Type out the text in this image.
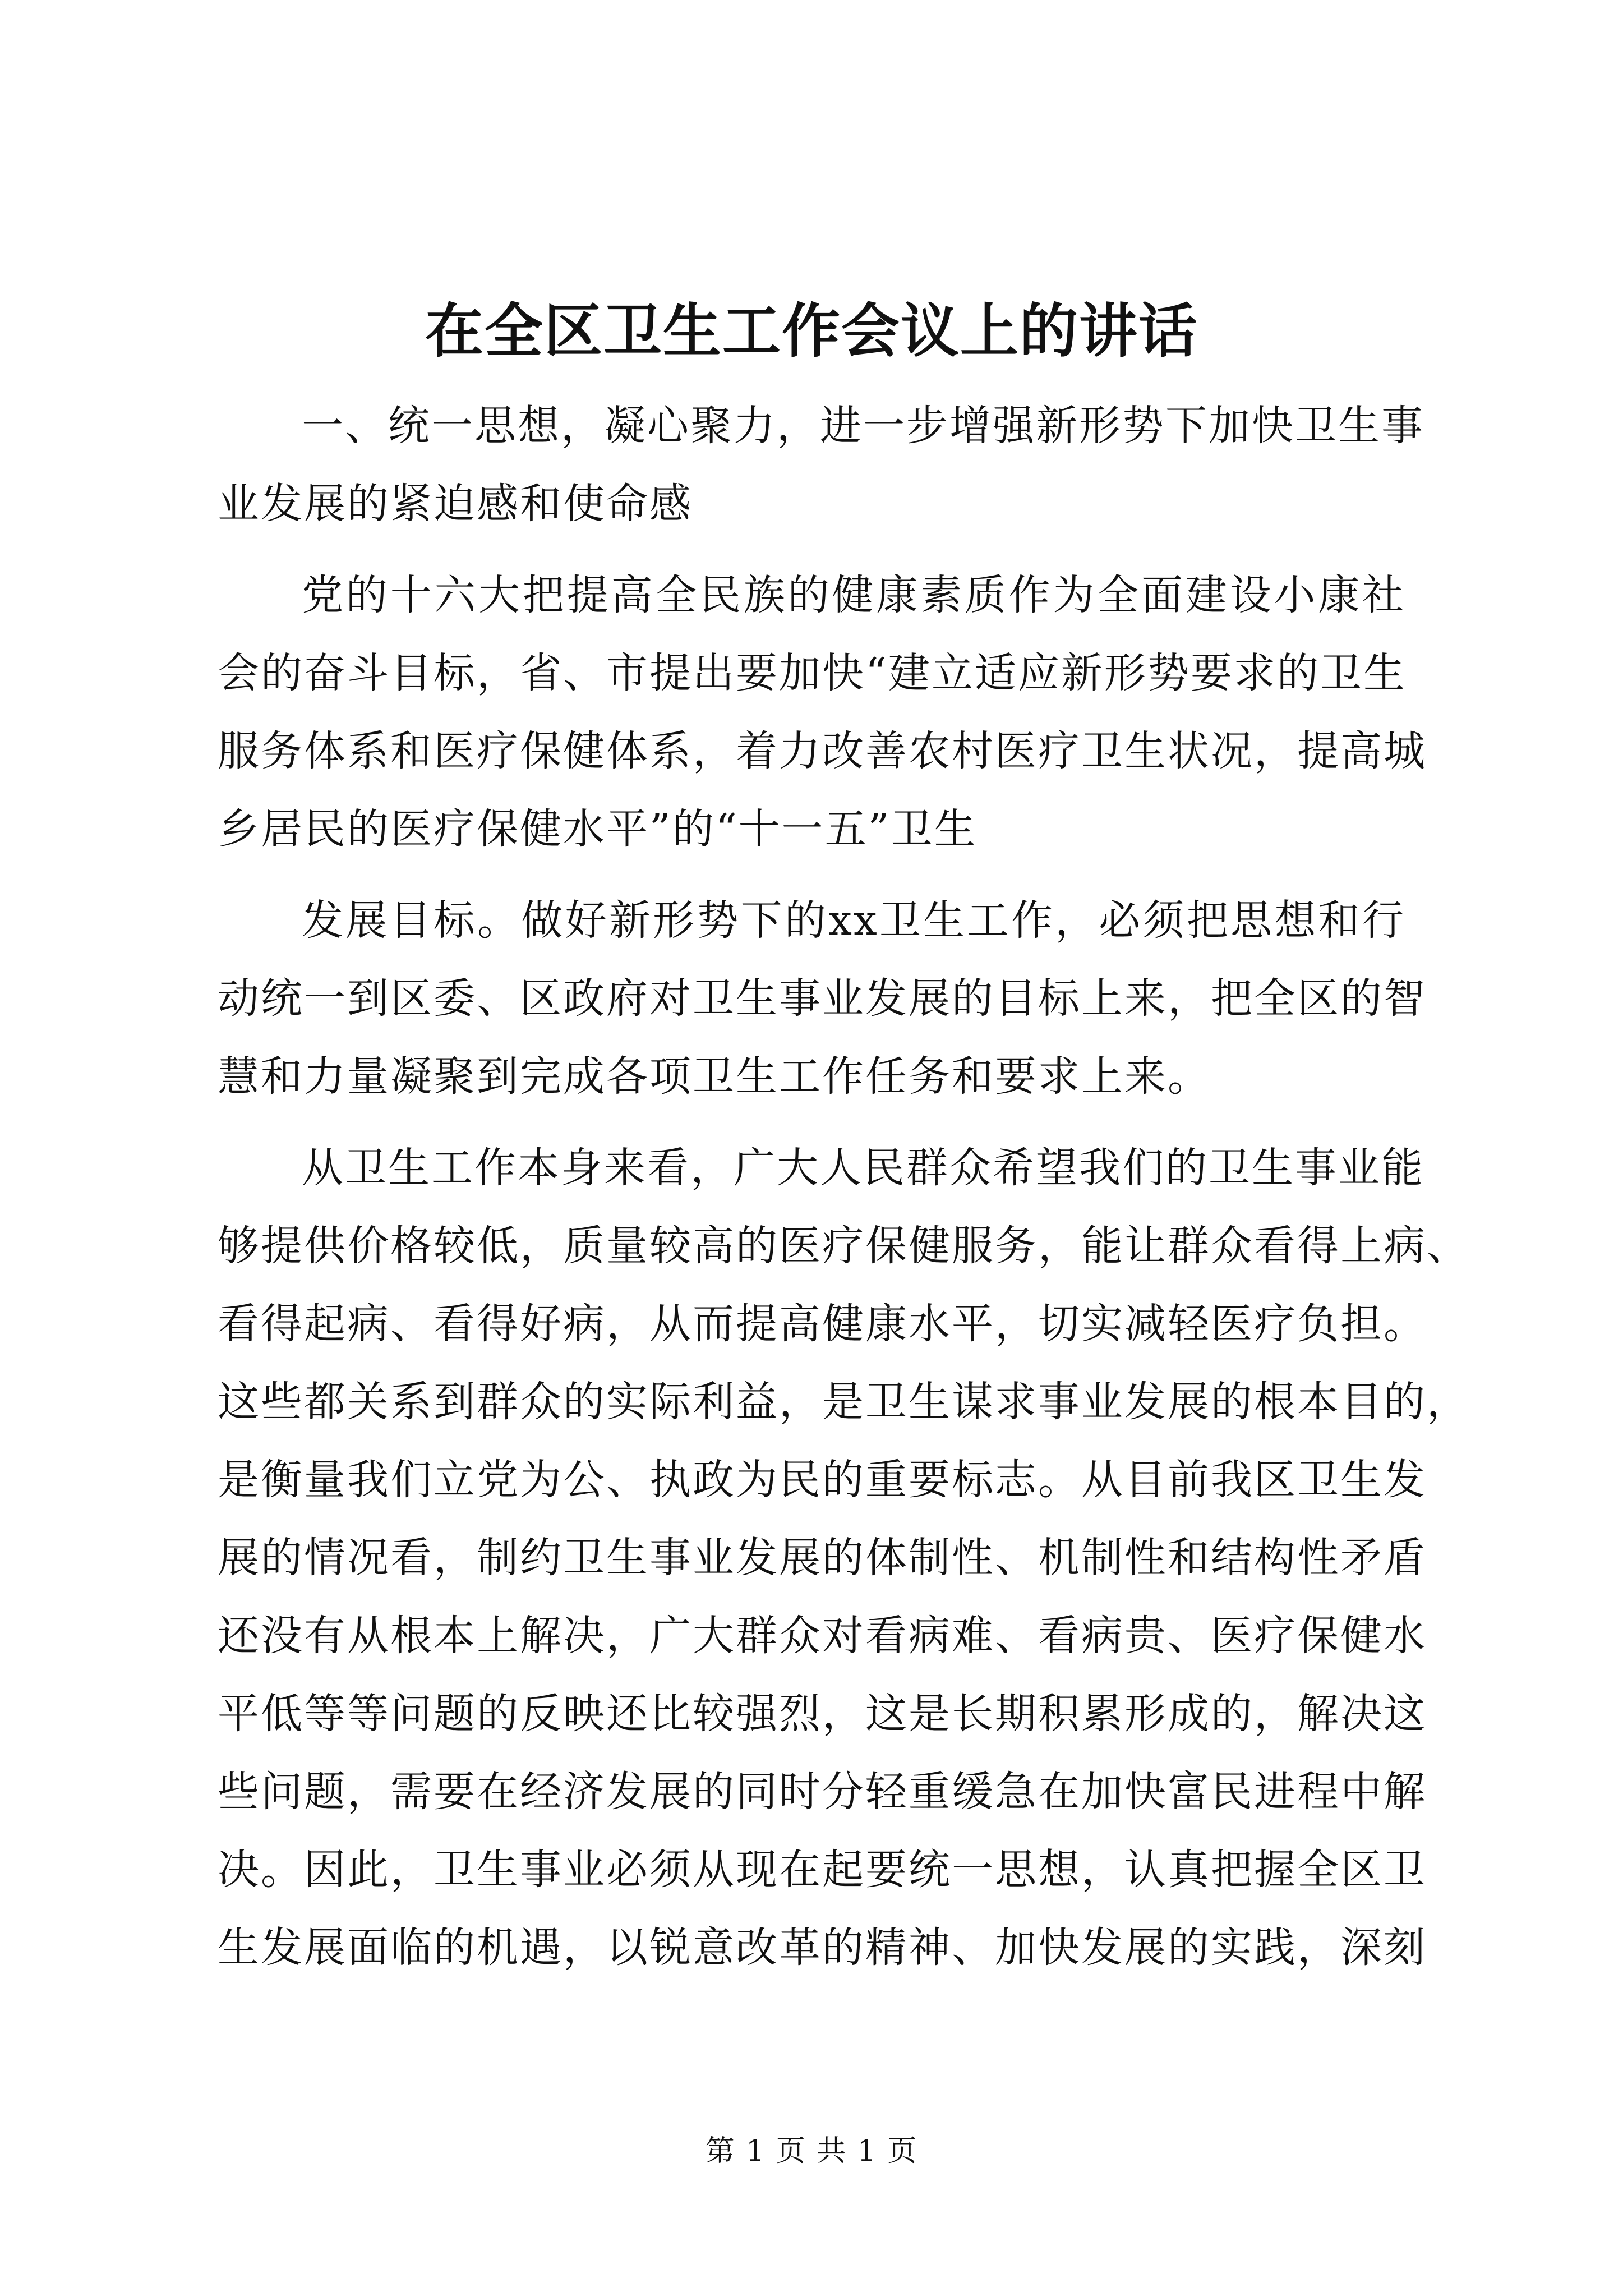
在全区卫生工作会议上的讲话
一、统一思想，凝心聚力，进一步增强新形势下加快卫生事
业发展的紧迫感和使命感
党的十六大把提高全民族的健康素质作为全面建设小康社
会的奋斗目标，省、市提出要加快“建立适应新形势要求的卫生
服务体系和医疗保健体系，着力改善农村医疗卫生状况，提高城
乡居民的医疗保健水平”的“十一五”卫生
发展目标。做好新形势下的xx卫生工作，必须把思想和行
动统一到区委、区政府对卫生事业发展的目标上来，把全区的智
慧和力量凝聚到完成各项卫生工作任务和要求上来。
从卫生工作本身来看，广大人民群众希望我们的卫生事业能
够提供价格较低，质量较高的医疗保健服务，能让群众看得上病、
看得起病、看得好病，从而提高健康水平，切实减轻医疗负担。
这些都关系到群众的实际利益，是卫生谋求事业发展的根本目的，
是衡量我们立党为公、执政为民的重要标志。从目前我区卫生发
展的情况看，制约卫生事业发展的体制性、机制性和结构性矛盾
还没有从根本上解决，广大群众对看病难、看病贵、医疗保健水
平低等等问题的反映还比较强烈，这是长期积累形成的，解决这
些问题，需要在经济发展的同时分轻重缓急在加快富民进程中解
决。因此，卫生事业必须从现在起要统一思想，认真把握全区卫
生发展面临的机遇，以锐意改革的精神、加快发展的实践，深刻
第 1 页 共 1 页
